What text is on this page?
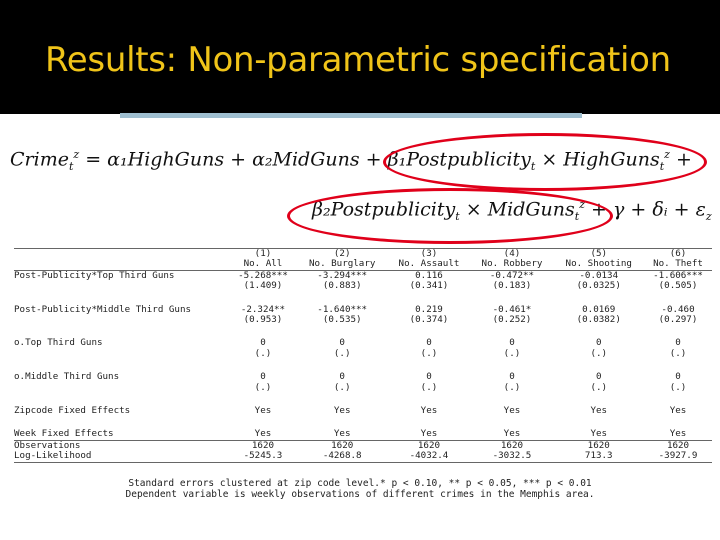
Results: Non-parametric specification
Crime$_t^z$ = α₁HighGuns + α₂MidGuns + β₁Postpublicity$_t$ × HighGuns$_t^z$ +
β₂Postpublicity$_t$ × MidGuns$_t^z$ + γ + δᵢ + $\varepsilon_z$
	(1)	(2)	(3)	(4)	(5)	(6)
	No. All	No. Burglary	No. Assault	No. Robbery	No. Shooting	No. Theft
Post-Publicity*Top Third Guns	-5.268***	-3.294***	0.116	-0.472**	-0.0134	-1.606***
	(1.409)	(0.883)	(0.341)	(0.183)	(0.0325)	(0.505)

Post-Publicity*Middle Third Guns	-2.324**	-1.640***	0.219	-0.461*	0.0169	-0.460
	(0.953)	(0.535)	(0.374)	(0.252)	(0.0382)	(0.297)

o.Top Third Guns	0	0	0	0	0	0
	(.)	(.)	(.)	(.)	(.)	(.)

o.Middle Third Guns	0	0	0	0	0	0
	(.)	(.)	(.)	(.)	(.)	(.)

Zipcode Fixed Effects	Yes	Yes	Yes	Yes	Yes	Yes

Week Fixed Effects	Yes	Yes	Yes	Yes	Yes	Yes
Observations	1620	1620	1620	1620	1620	1620
Log-Likelihood	-5245.3	-4268.8	-4032.4	-3032.5	713.3	-3927.9
Standard errors clustered at zip code level.* p < 0.10, ** p < 0.05, *** p < 0.01
Dependent variable is weekly observations of different crimes in the Memphis area.
